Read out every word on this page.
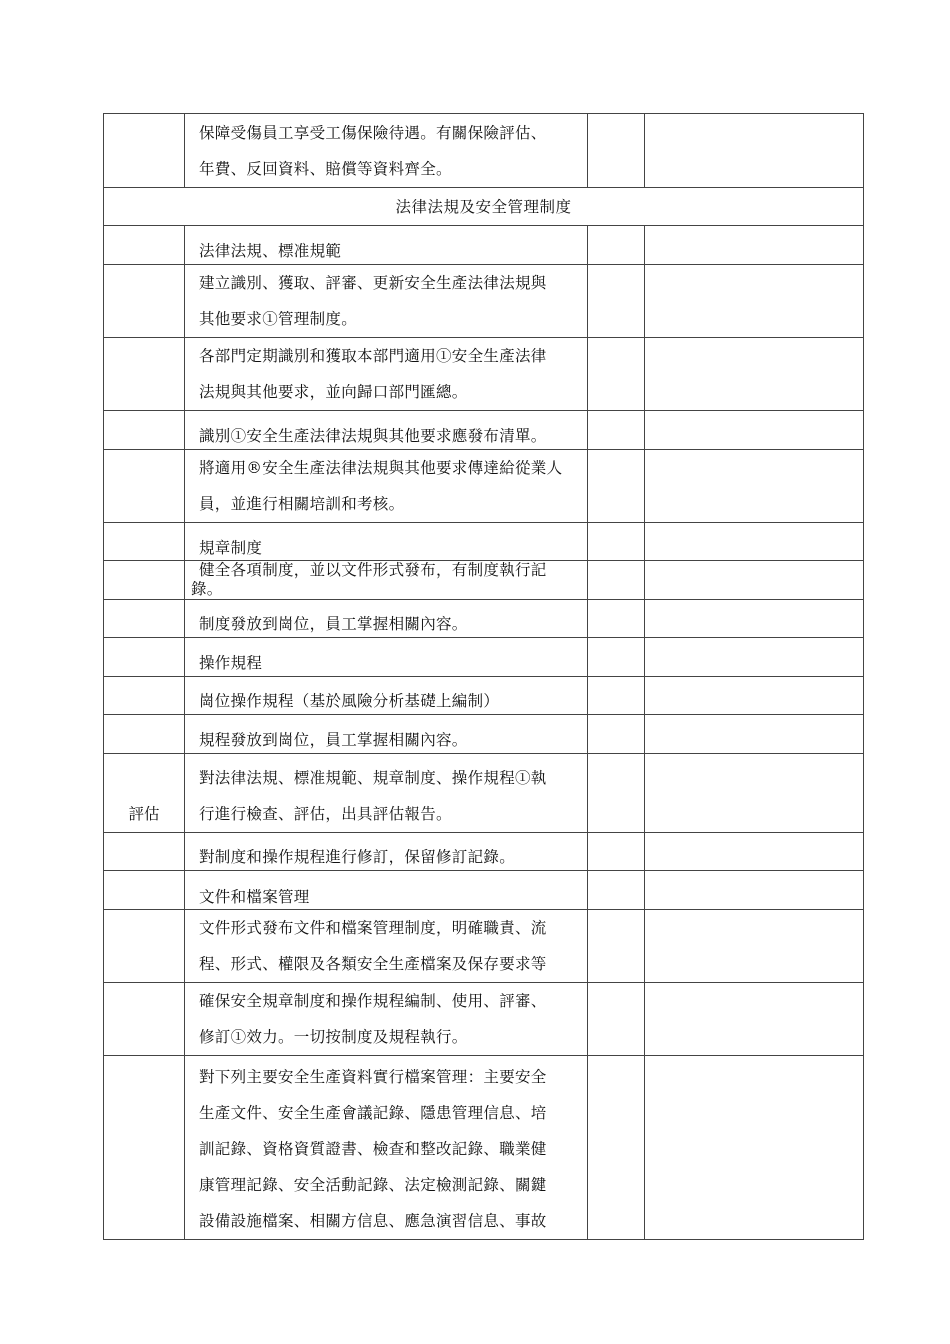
	保障受傷員工享受工傷保險待遇。有關保險評估、
年費、反回資料、賠償等資料齊全。		

法律法規及安全管理制度			

	法律法規、標准規範		

	建立識別、獲取、評審、更新安全生產法律法規與
其他要求①管理制度。		

	各部門定期識別和獲取本部門適用①安全生產法律
法規與其他要求，並向歸口部門匯總。		

	識別①安全生產法律法規與其他要求應發布清單。		

	將適用®安全生產法律法規與其他要求傳達給從業人
員，並進行相關培訓和考核。		

	規章制度		

	健全各項制度，並以文件形式發布，有制度執行記
錄。		

	制度發放到崗位，員工掌握相關內容。		

	操作規程		

	崗位操作規程（基於風險分析基礎上編制）		

	規程發放到崗位，員工掌握相關內容。		

評估	對法律法規、標准規範、規章制度、操作規程①執
行進行檢查、評估，出具評估報告。		

	對制度和操作規程進行修訂，保留修訂記錄。		

	文件和檔案管理		

	文件形式發布文件和檔案管理制度，明確職責、流
程、形式、權限及各類安全生產檔案及保存要求等		

	確保安全規章制度和操作規程編制、使用、評審、
修訂①效力。一切按制度及規程執行。		

	對下列主要安全生產資料實行檔案管理：主要安全
生產文件、安全生產會議記錄、隱患管理信息、培
訓記錄、資格資質證書、檢查和整改記錄、職業健
康管理記錄、安全活動記錄、法定檢測記錄、關鍵
設備設施檔案、相關方信息、應急演習信息、事故		
